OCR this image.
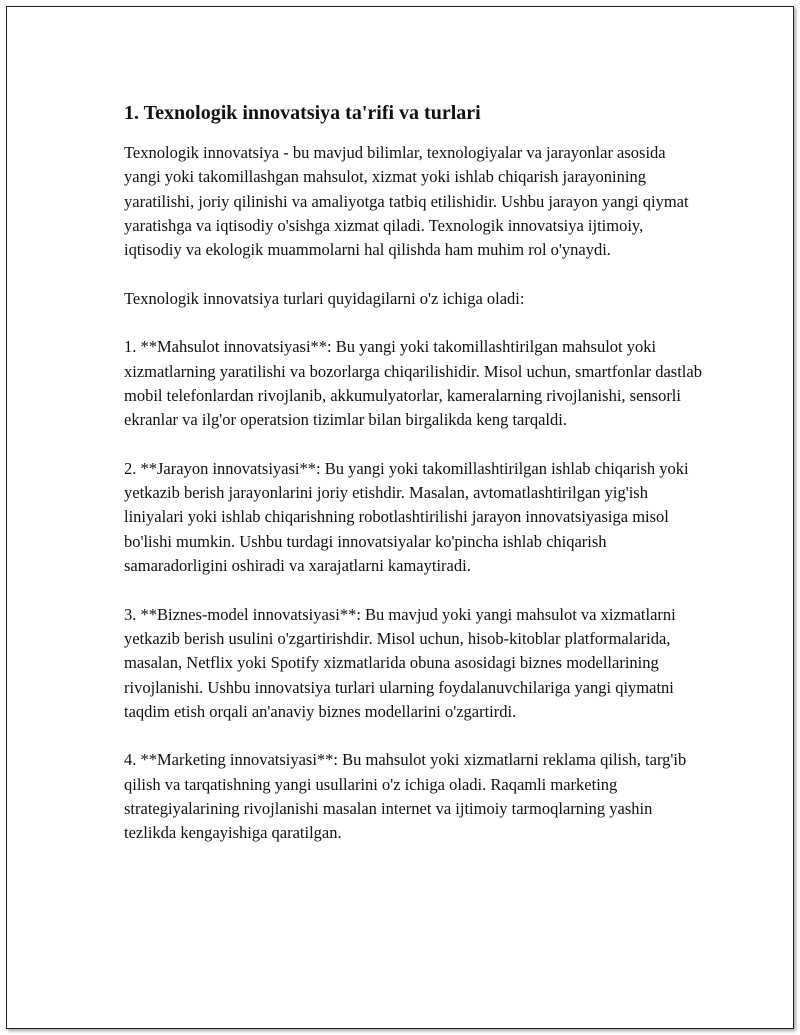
1. Texnologik innovatsiya ta'rifi va turlari

Texnologik innovatsiya - bu mavjud bilimlar, texnologiyalar va jarayonlar asosida yangi yoki takomillashgan mahsulot, xizmat yoki ishlab chiqarish jarayonining yaratilishi, joriy qilinishi va amaliyotga tatbiq etilishidir. Ushbu jarayon yangi qiymat yaratishga va iqtisodiy o'sishga xizmat qiladi. Texnologik innovatsiya ijtimoiy, iqtisodiy va ekologik muammolarni hal qilishda ham muhim rol o'ynaydi.

Texnologik innovatsiya turlari quyidagilarni o'z ichiga oladi:

1. **Mahsulot innovatsiyasi**: Bu yangi yoki takomillashtirilgan mahsulot yoki xizmatlarning yaratilishi va bozorlarga chiqarilishidir. Misol uchun, smartfonlar dastlab mobil telefonlardan rivojlanib, akkumulyatorlar, kameralarning rivojlanishi, sensorli ekranlar va ilg'or operatsion tizimlar bilan birgalikda keng tarqaldi.

2. **Jarayon innovatsiyasi**: Bu yangi yoki takomillashtirilgan ishlab chiqarish yoki yetkazib berish jarayonlarini joriy etishdir. Masalan, avtomatlashtirilgan yig'ish liniyalari yoki ishlab chiqarishning robotlashtirilishi jarayon innovatsiyasiga misol bo'lishi mumkin. Ushbu turdagi innovatsiyalar ko'pincha ishlab chiqarish samaradorligini oshiradi va xarajatlarni kamaytiradi.

3. **Biznes-model innovatsiyasi**: Bu mavjud yoki yangi mahsulot va xizmatlarni yetkazib berish usulini o'zgartirishdir. Misol uchun, hisob-kitoblar platformalarida, masalan, Netflix yoki Spotify xizmatlarida obuna asosidagi biznes modellarining rivojlanishi. Ushbu innovatsiya turlari ularning foydalanuvchilariga yangi qiymatni taqdim etish orqali an'anaviy biznes modellarini o'zgartirdi.

4. **Marketing innovatsiyasi**: Bu mahsulot yoki xizmatlarni reklama qilish, targ'ib qilish va tarqatishning yangi usullarini o'z ichiga oladi. Raqamli marketing strategiyalarining rivojlanishi masalan internet va ijtimoiy tarmoqlarning yashin tezlikda kengayishiga qaratilgan.
